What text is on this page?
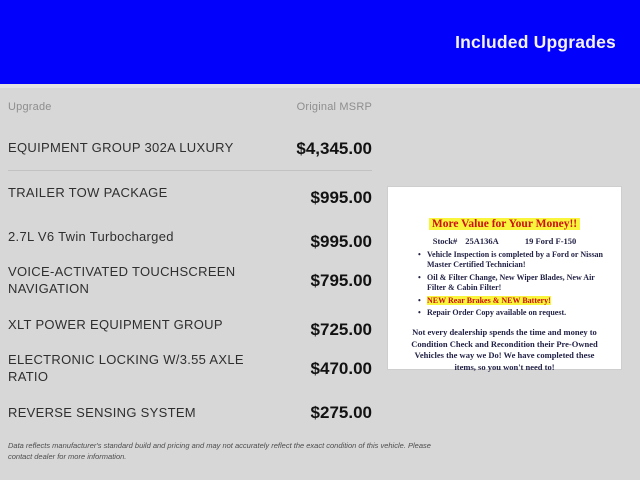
Included Upgrades
Upgrade	Original MSRP
EQUIPMENT GROUP 302A LUXURY	$4,345.00
TRAILER TOW PACKAGE	$995.00
2.7L V6 Twin Turbocharged	$995.00
VOICE-ACTIVATED TOUCHSCREEN NAVIGATION	$795.00
XLT POWER EQUIPMENT GROUP	$725.00
ELECTRONIC LOCKING W/3.55 AXLE RATIO	$470.00
REVERSE SENSING SYSTEM	$275.00

Data reflects manufacturer's standard build and pricing and may not accurately reflect the exact condition of this vehicle. Please contact dealer for more information.

More Value for Your Money!!
Stock# 25A136A	19 Ford F-150
• Vehicle Inspection is completed by a Ford or Nissan Master Certified Technician!
• Oil & Filter Change, New Wiper Blades, New Air Filter & Cabin Filter!
• NEW Rear Brakes & NEW Battery!
• Repair Order Copy available on request.

Not every dealership spends the time and money to Condition Check and Recondition their Pre-Owned Vehicles the way we Do! We have completed these items, so you won't need to!
